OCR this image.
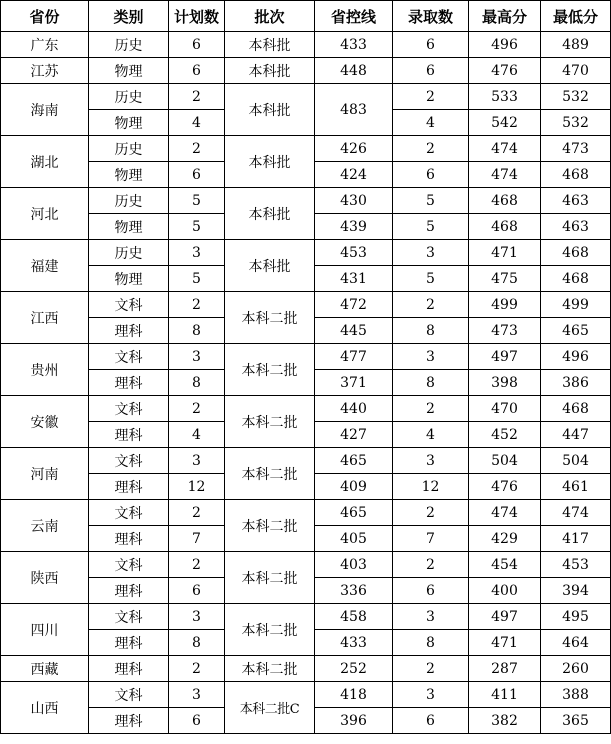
省份	类别	计划数	批次	省控线	录取数	最高分	最低分
广东	历史	6	本科批	433	6	496	489
江苏	物理	6	本科批	448	6	476	470
海南	历史	2	本科批	483	2	533	532
	物理	4			4	542	532
湖北	历史	2	本科批	426	2	474	473
	物理	6		424	6	474	468
河北	历史	5	本科批	430	5	468	463
	物理	5		439	5	468	463
福建	历史	3	本科批	453	3	471	468
	物理	5		431	5	475	468
江西	文科	2	本科二批	472	2	499	499
	理科	8		445	8	473	465
贵州	文科	3	本科二批	477	3	497	496
	理科	8		371	8	398	386
安徽	文科	2	本科二批	440	2	470	468
	理科	4		427	4	452	447
河南	文科	3	本科二批	465	3	504	504
	理科	12		409	12	476	461
云南	文科	2	本科二批	465	2	474	474
	理科	7		405	7	429	417
陕西	文科	2	本科二批	403	2	454	453
	理科	6		336	6	400	394
四川	文科	3	本科二批	458	3	497	495
	理科	8		433	8	471	464
西藏	理科	2	本科二批	252	2	287	260
山西	文科	3	本科二批C	418	3	411	388
	理科	6		396	6	382	365
